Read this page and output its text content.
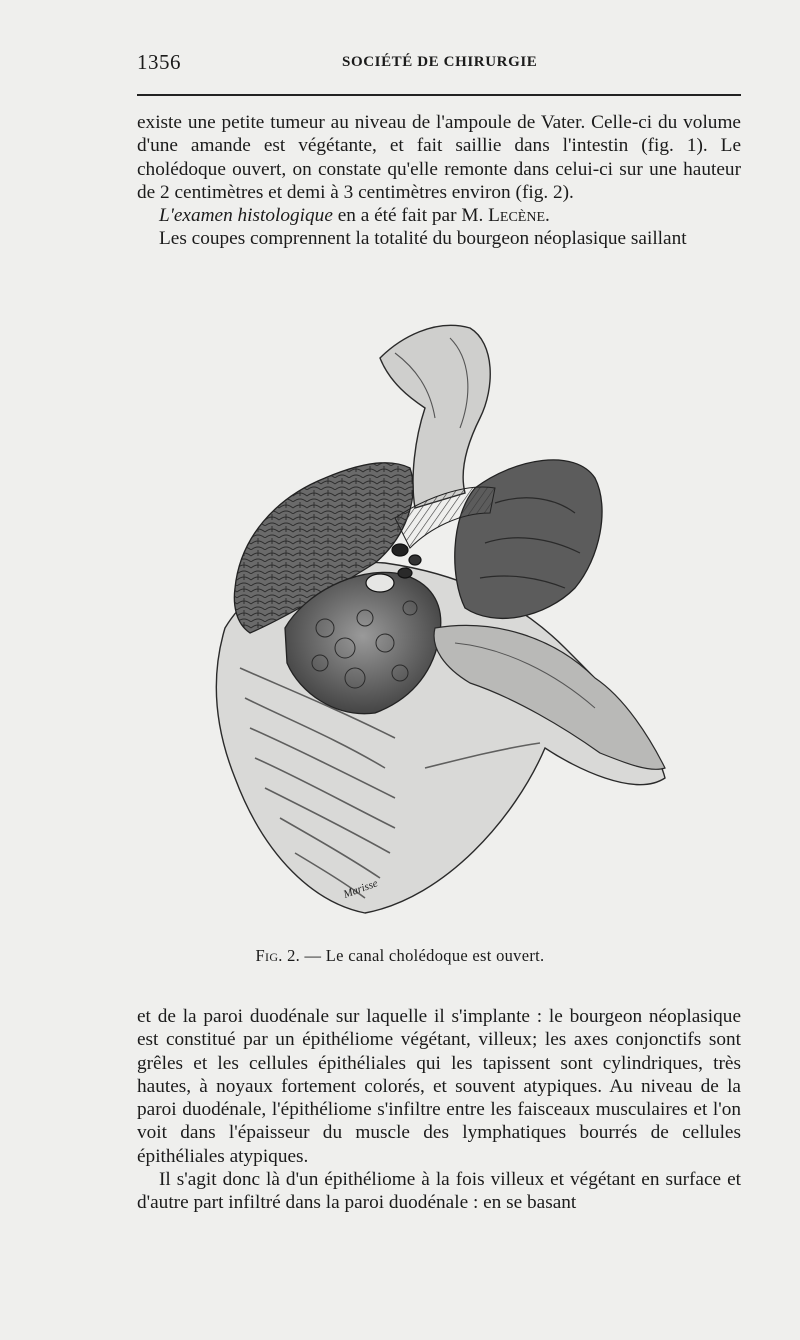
1356	SOCIÉTÉ DE CHIRURGIE

existe une petite tumeur au niveau de l'ampoule de Vater. Celle-ci du volume d'une amande est végétante, et fait saillie dans l'intestin (fig. 1). Le cholédoque ouvert, on constate qu'elle remonte dans celui-ci sur une hauteur de 2 centimètres et demi à 3 centimètres environ (fig. 2).

L'examen histologique en a été fait par M. Lecène.

Les coupes comprennent la totalité du bourgeon néoplasique saillant

Marisse
Fig. 2. — Le canal cholédoque est ouvert.

et de la paroi duodénale sur laquelle il s'implante : le bourgeon néoplasique est constitué par un épithéliome végétant, villeux; les axes conjonctifs sont grêles et les cellules épithéliales qui les tapissent sont cylindriques, très hautes, à noyaux fortement colorés, et souvent atypiques. Au niveau de la paroi duodénale, l'épithéliome s'infiltre entre les faisceaux musculaires et l'on voit dans l'épaisseur du muscle des lymphatiques bourrés de cellules épithéliales atypiques.

Il s'agit donc là d'un épithéliome à la fois villeux et végétant en surface et d'autre part infiltré dans la paroi duodénale : en se basant
